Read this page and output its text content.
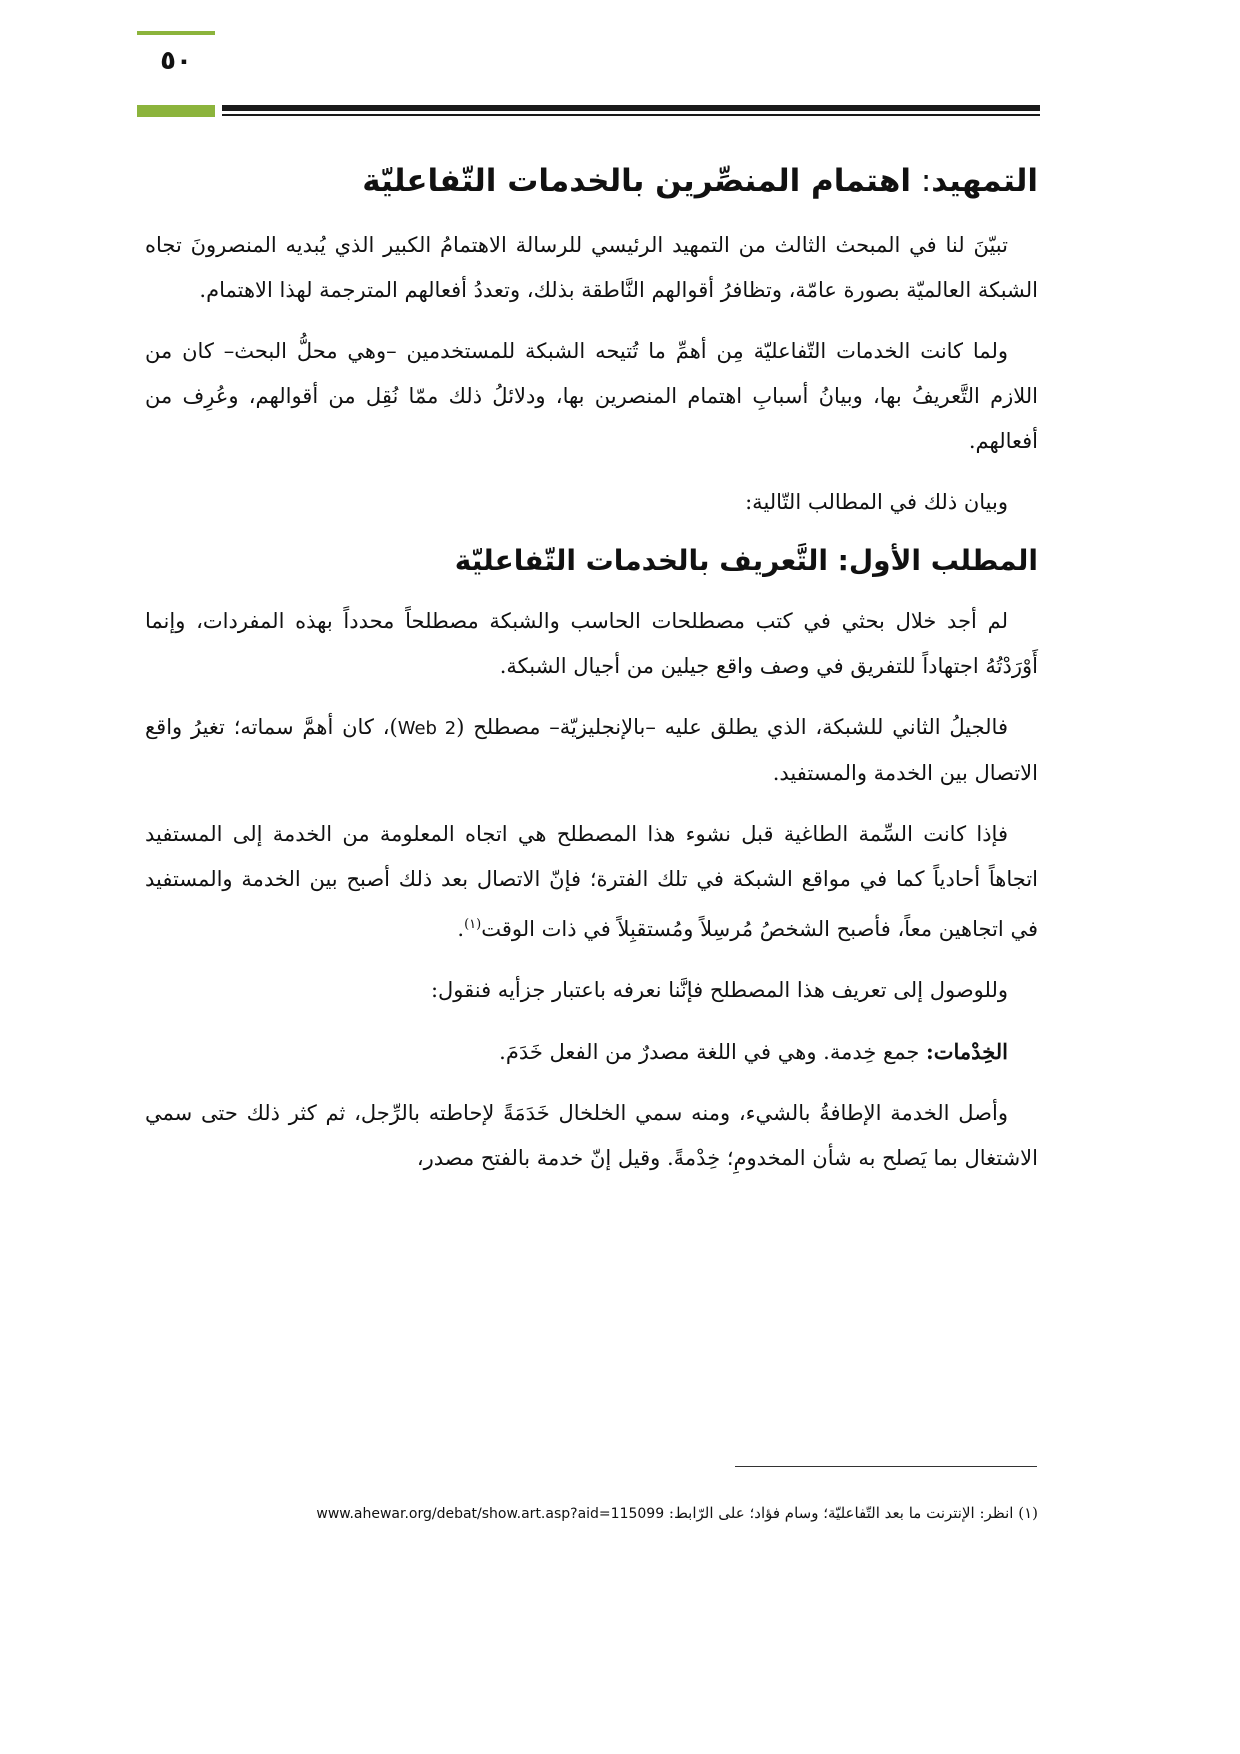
٥٠
التمهيد: اهتمام المنصِّرين بالخدمات التّفاعليّة

تبيّنَ لنا في المبحث الثالث من التمهيد الرئيسي للرسالة الاهتمامُ الكبير الذي يُبديه المنصرونَ تجاه الشبكة العالميّة بصورة عامّة، وتظافرُ أقوالهم النَّاطقة بذلك، وتعددُ أفعالهم المترجمة لهذا الاهتمام.

ولما كانت الخدمات التّفاعليّة مِن أهمِّ ما تُتيحه الشبكة للمستخدمين –وهي محلُّ البحث– كان من اللازم التَّعريفُ بها، وبيانُ أسبابِ اهتمام المنصرين بها، ودلائلُ ذلك ممّا نُقِل من أقوالهم، وعُرِف من أفعالهم.

وبيان ذلك في المطالب التّالية:

المطلب الأول: التَّعريف بالخدمات التّفاعليّة

لم أجد خلال بحثي في كتب مصطلحات الحاسب والشبكة مصطلحاً محدداً بهذه المفردات، وإنما أَوْرَدْتُهُ اجتهاداً للتفريق في وصف واقع جيلين من أجيال الشبكة.

فالجيلُ الثاني للشبكة، الذي يطلق عليه –بالإنجليزيّة– مصطلح (Web 2)، كان أهمَّ سماته؛ تغيرُ واقع الاتصال بين الخدمة والمستفيد.

فإذا كانت السِّمة الطاغية قبل نشوء هذا المصطلح هي اتجاه المعلومة من الخدمة إلى المستفيد اتجاهاً أحادياً كما في مواقع الشبكة في تلك الفترة؛ فإنّ الاتصال بعد ذلك أصبح بين الخدمة والمستفيد في اتجاهين معاً، فأصبح الشخصُ مُرسِلاً ومُستقبِلاً في ذات الوقت$^{(١)}$.

وللوصول إلى تعريف هذا المصطلح فإنَّنا نعرفه باعتبار جزأيه فنقول:

الخِدْمات: جمع خِدمة. وهي في اللغة مصدرٌ من الفعل خَدَمَ.

وأصل الخدمة الإطافةُ بالشيء، ومنه سمي الخلخال خَدَمَةً لإحاطته بالرِّجل، ثم كثر ذلك حتى سمي الاشتغال بما يَصلح به شأن المخدومِ؛ خِدْمةً. وقيل إنّ خدمة بالفتح مصدر،

(١) انظر: الإنترنت ما بعد التّفاعليّة؛ وسام فؤاد؛ على الرّابط: www.ahewar.org/debat/show.art.asp?aid=115099
